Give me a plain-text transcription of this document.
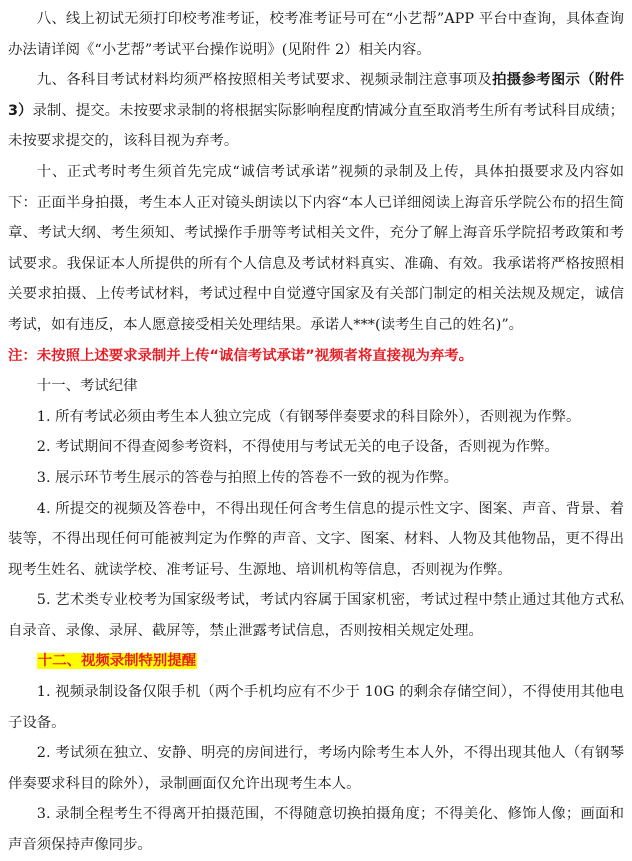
八、线上初试无须打印校考准考证，校考准考证号可在“小艺帮”APP 平台中查询，具体查询办法请详阅《“小艺帮”考试平台操作说明》(见附件 2）相关内容。

九、各科目考试材料均须严格按照相关考试要求、视频录制注意事项及拍摄参考图示（附件 3）录制、提交。未按要求录制的将根据实际影响程度酌情减分直至取消考生所有考试科目成绩；未按要求提交的，该科目视为弃考。

十、正式考时考生须首先完成“诚信考试承诺”视频的录制及上传，具体拍摄要求及内容如下：正面半身拍摄，考生本人正对镜头朗读以下内容“本人已详细阅读上海音乐学院公布的招生简章、考试大纲、考生须知、考试操作手册等考试相关文件，充分了解上海音乐学院招考政策和考试要求。我保证本人所提供的所有个人信息及考试材料真实、准确、有效。我承诺将严格按照相关要求拍摄、上传考试材料，考试过程中自觉遵守国家及有关部门制定的相关法规及规定，诚信考试，如有违反，本人愿意接受相关处理结果。承诺人***(读考生自己的姓名)”。

注：未按照上述要求录制并上传“诚信考试承诺”视频者将直接视为弃考。

十一、考试纪律

1. 所有考试必须由考生本人独立完成（有钢琴伴奏要求的科目除外），否则视为作弊。

2. 考试期间不得查阅参考资料，不得使用与考试无关的电子设备，否则视为作弊。

3. 展示环节考生展示的答卷与拍照上传的答卷不一致的视为作弊。

4. 所提交的视频及答卷中，不得出现任何含考生信息的提示性文字、图案、声音、背景、着装等，不得出现任何可能被判定为作弊的声音、文字、图案、材料、人物及其他物品，更不得出现考生姓名、就读学校、准考证号、生源地、培训机构等信息，否则视为作弊。

5. 艺术类专业校考为国家级考试，考试内容属于国家机密，考试过程中禁止通过其他方式私自录音、录像、录屏、截屏等，禁止泄露考试信息，否则按相关规定处理。

十二、视频录制特别提醒

1. 视频录制设备仅限手机（两个手机均应有不少于 10G 的剩余存储空间），不得使用其他电子设备。

2. 考试须在独立、安静、明亮的房间进行，考场内除考生本人外，不得出现其他人（有钢琴伴奏要求科目的除外），录制画面仅允许出现考生本人。

3. 录制全程考生不得离开拍摄范围，不得随意切换拍摄角度；不得美化、修饰人像；画面和声音须保持声像同步。
